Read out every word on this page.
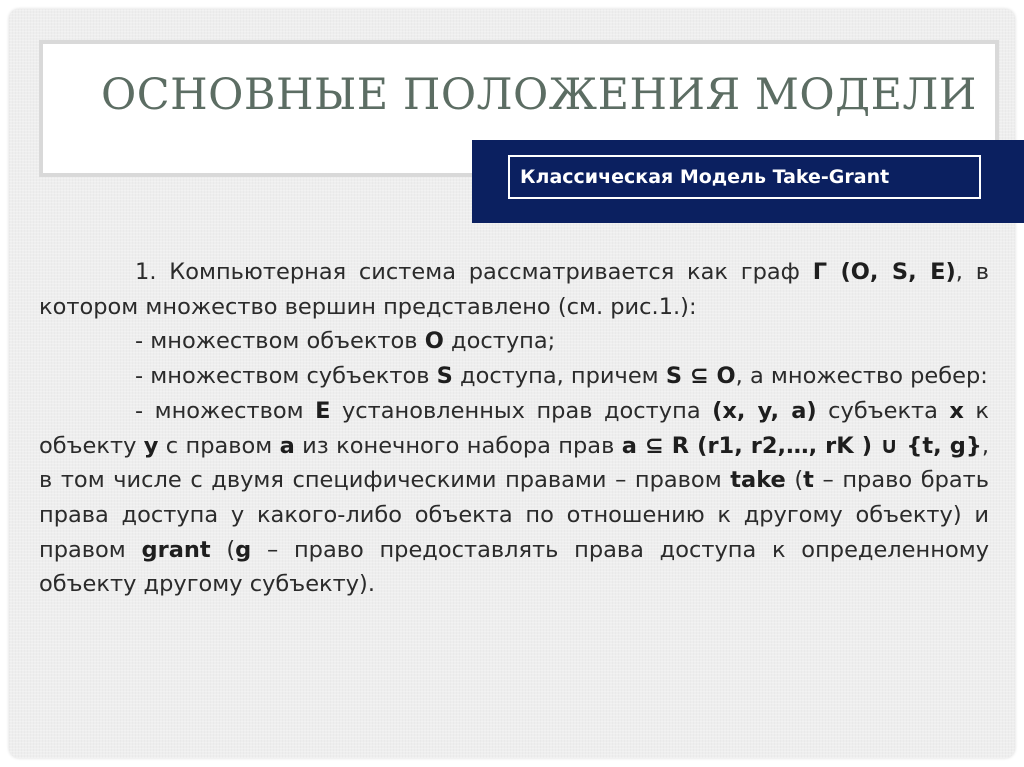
ОСНОВНЫЕ ПОЛОЖЕНИЯ МОДЕЛИ
Классическая Модель Take-Grant

1. Компьютерная система рассматривается как граф Г (О, S, E), в котором множество вершин представлено (см. рис.1.):

- множеством объектов О доступа;

- множеством субъектов S доступа, причем S ⊆ О, а множество ребер:

- множеством E установленных прав доступа (x, y, a) субъекта x к объекту y с правом a из конечного набора прав a ⊆ R (r1, r2,…, rK ) ∪ {t, g}, в том числе с двумя специфическими правами – правом take (t – право брать права доступа у какого-либо объекта по отношению к другому объекту) и правом grant (g – право предоставлять права доступа к определенному объекту другому субъекту).
